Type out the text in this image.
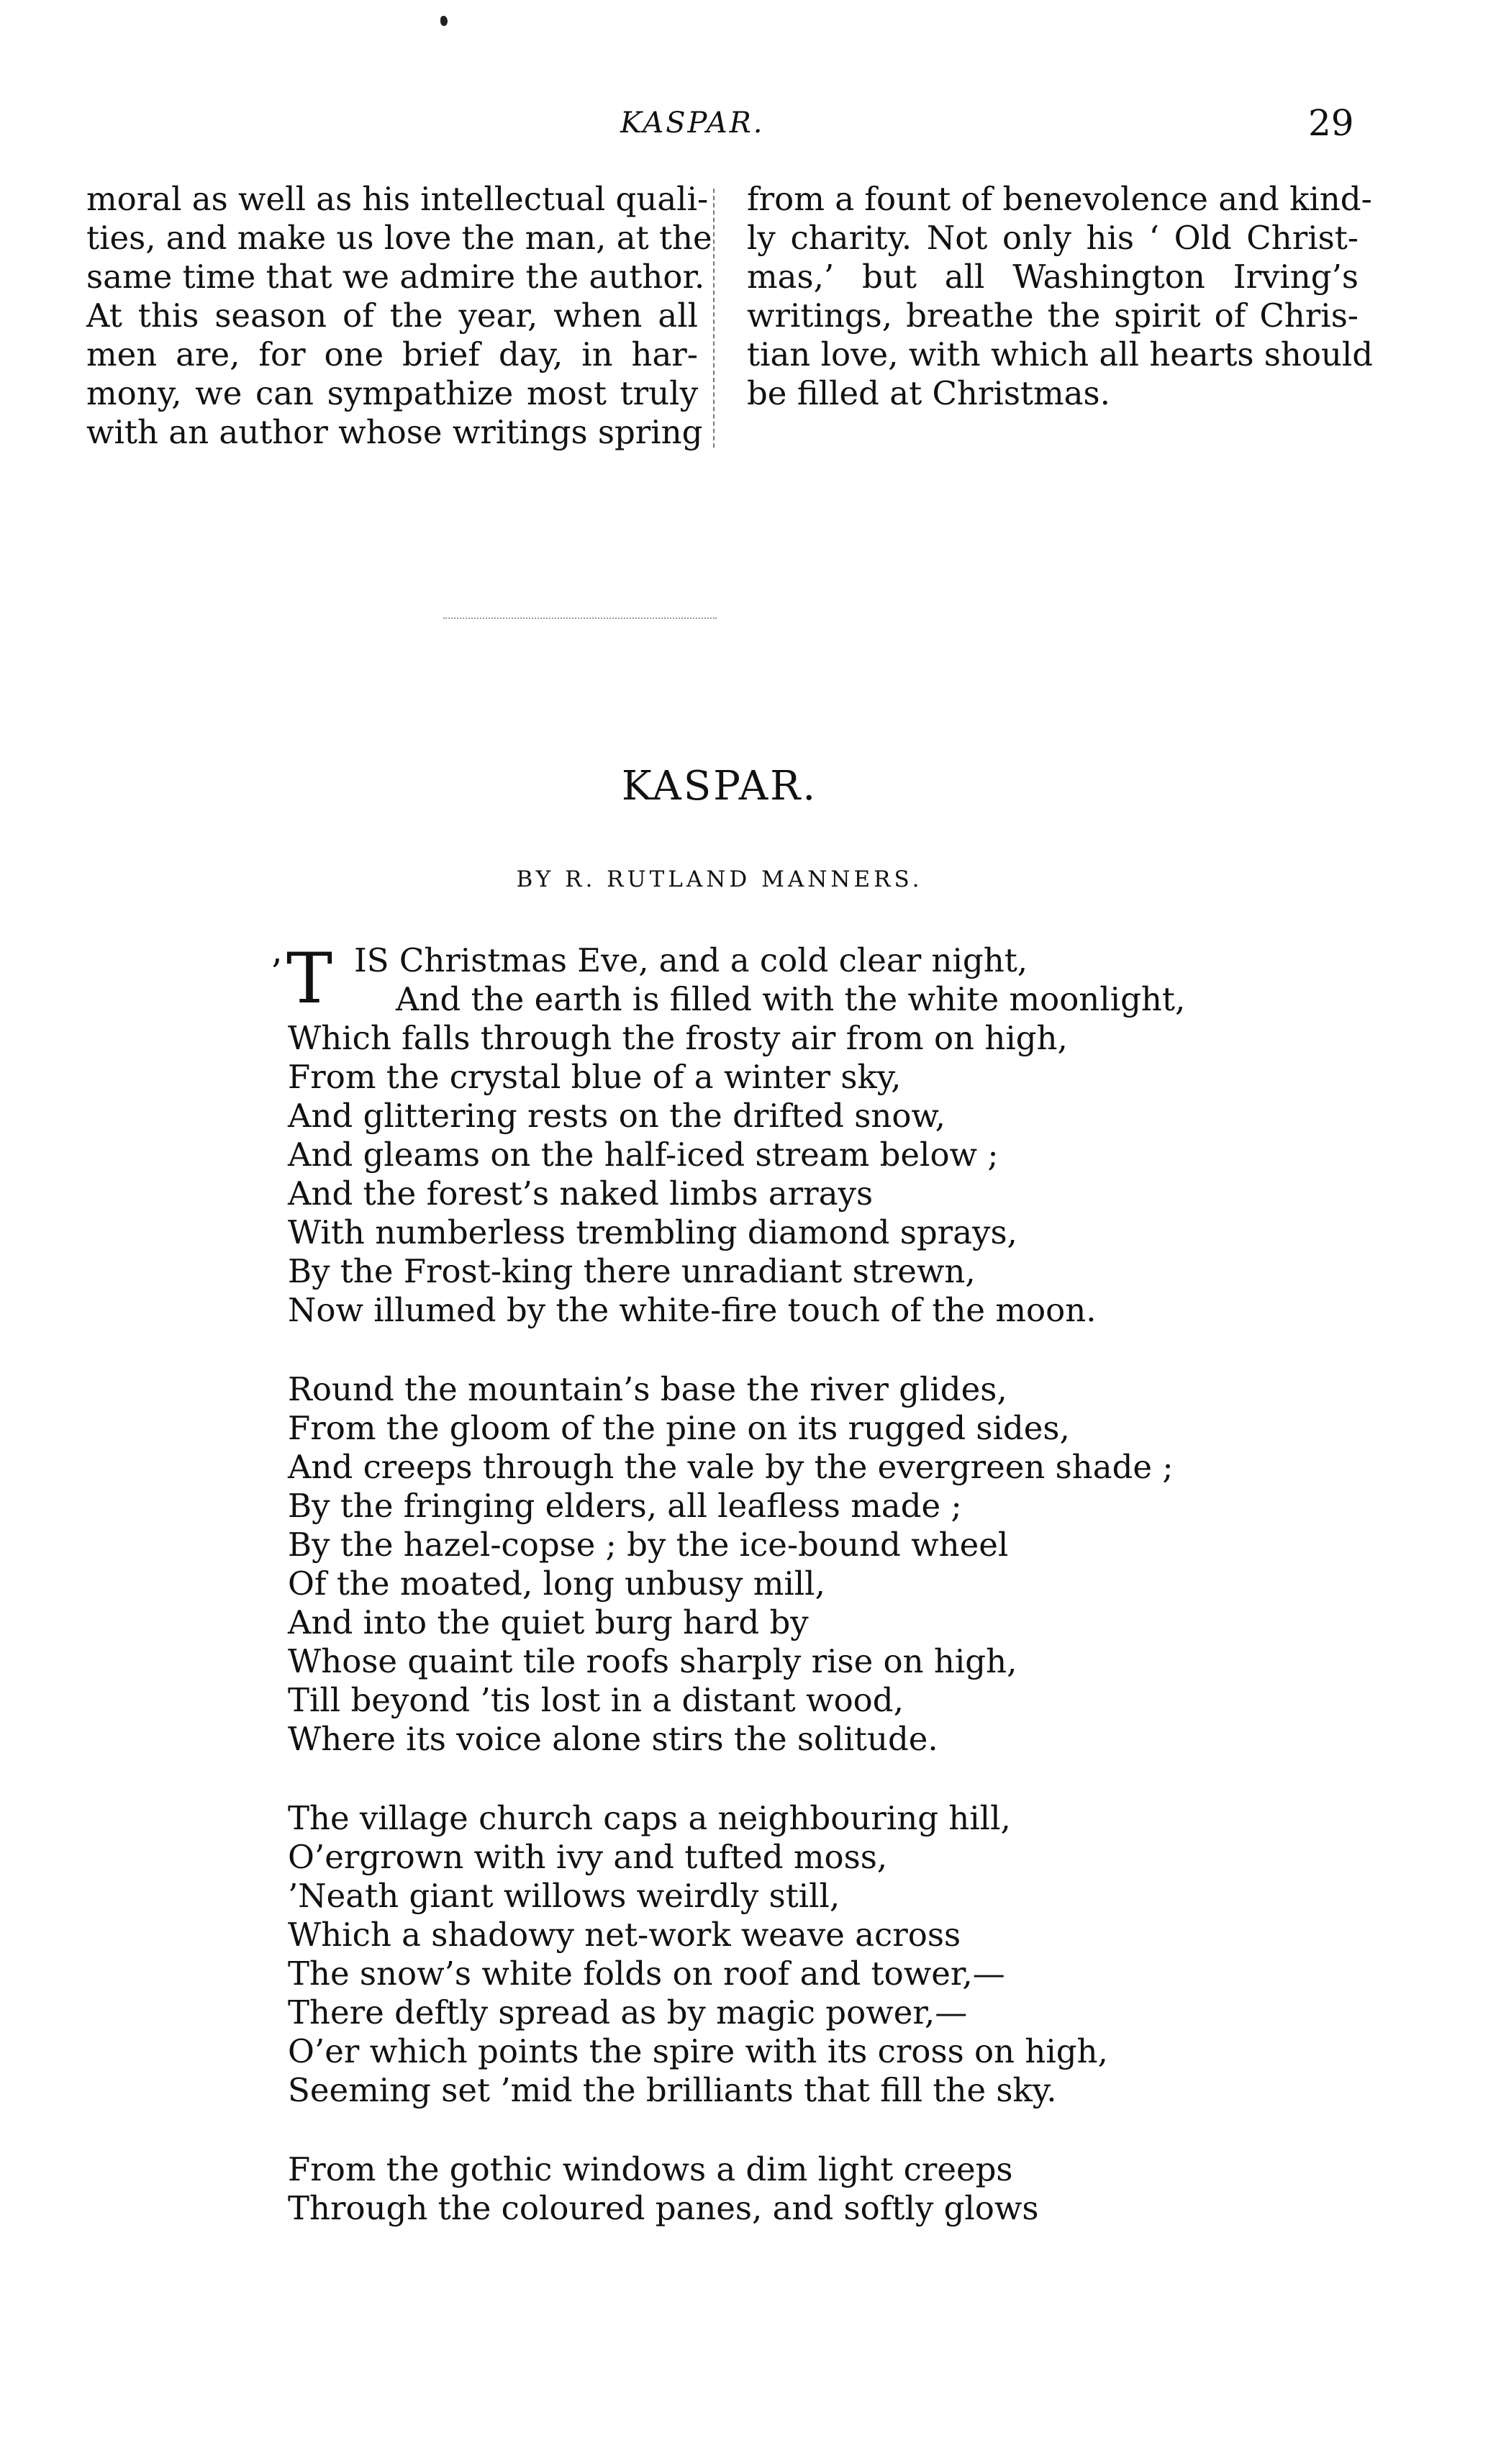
KASPAR.	29
moral as well as his intellectual quali-
ties, and make us love the man, at the
same time that we admire the author.
At this season of the year, when all
men are, for one brief day, in har-
mony, we can sympathize most truly
with an author whose writings spring
from a fount of benevolence and kind-
ly charity. Not only his ‘ Old Christ-
mas,’ but all Washington Irving’s
writings, breathe the spirit of Chris-
tian love, with which all hearts should
be filled at Christmas.
KASPAR.
BY R. RUTLAND MANNERS.
’ T IS Christmas Eve, and a cold clear night,
And the earth is filled with the white moonlight,
Which falls through the frosty air from on high,
From the crystal blue of a winter sky,
And glittering rests on the drifted snow,
And gleams on the half-iced stream below ;
And the forest’s naked limbs arrays
With numberless trembling diamond sprays,
By the Frost-king there unradiant strewn,
Now illumed by the white-fire touch of the moon.
Round the mountain’s base the river glides,
From the gloom of the pine on its rugged sides,
And creeps through the vale by the evergreen shade ;
By the fringing elders, all leafless made ;
By the hazel-copse ; by the ice-bound wheel
Of the moated, long unbusy mill,
And into the quiet burg hard by
Whose quaint tile roofs sharply rise on high,
Till beyond ’tis lost in a distant wood,
Where its voice alone stirs the solitude.
The village church caps a neighbouring hill,
O’ergrown with ivy and tufted moss,
’Neath giant willows weirdly still,
Which a shadowy net-work weave across
The snow’s white folds on roof and tower,—
There deftly spread as by magic power,—
O’er which points the spire with its cross on high,
Seeming set ’mid the brilliants that fill the sky.
From the gothic windows a dim light creeps
Through the coloured panes, and softly glows
